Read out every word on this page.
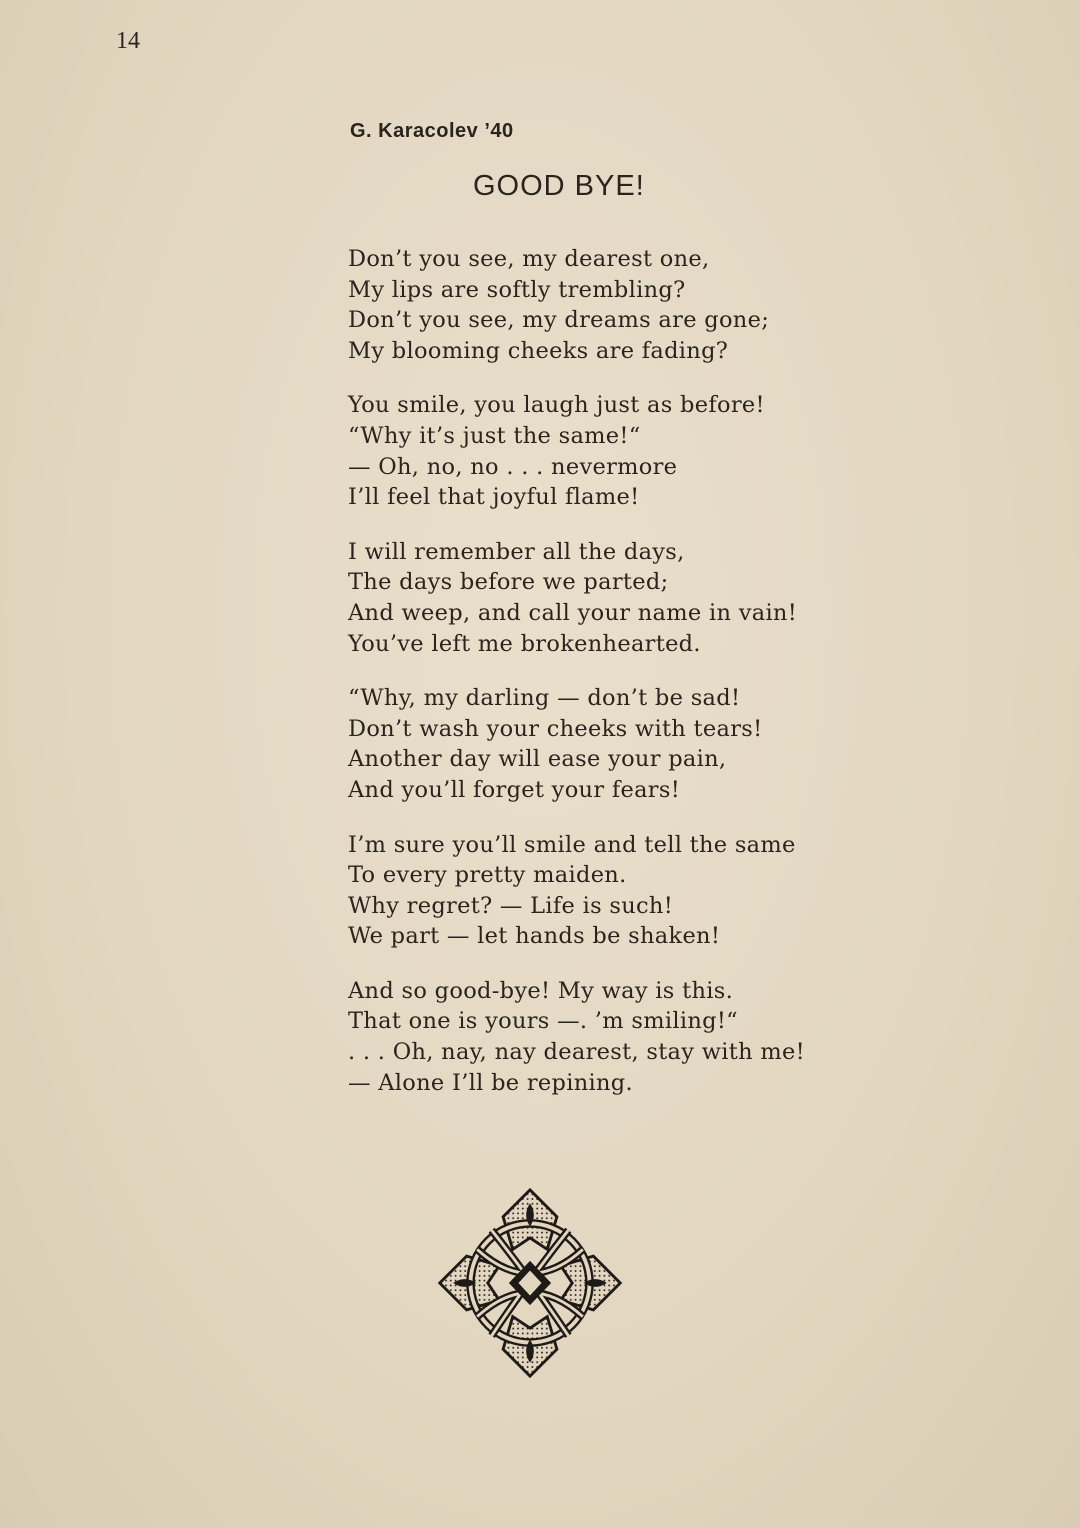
14
G. Karacolev ’40
GOOD BYE!
Don’t you see, my dearest one,
My lips are softly trembling?
Don’t you see, my dreams are gone;
My blooming cheeks are fading?
You smile, you laugh just as before!
“Why it’s just the same!“
— Oh, no, no . . . nevermore
I’ll feel that joyful flame!
I will remember all the days,
The days before we parted;
And weep, and call your name in vain!
You’ve left me brokenhearted.
“Why, my darling — don’t be sad!
Don’t wash your cheeks with tears!
Another day will ease your pain,
And you’ll forget your fears!
I’m sure you’ll smile and tell the same
To every pretty maiden.
Why regret? — Life is such!
We part — let hands be shaken!
And so good-bye! My way is this.
That one is yours —. ’m smiling!“
. . . Oh, nay, nay dearest, stay with me!
— Alone I’ll be repining.
